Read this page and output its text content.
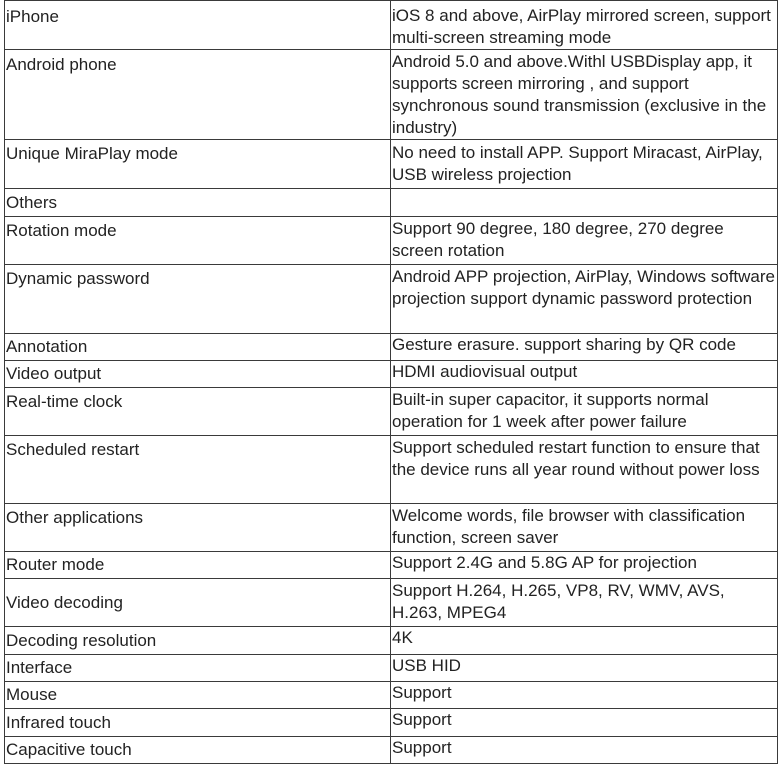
iPhone	iOS 8 and above, AirPlay mirrored screen, support multi-screen streaming mode
Android phone	Android 5.0 and above.Withl USBDisplay app, it supports screen mirroring , and support synchronous sound transmission (exclusive in the industry)
Unique MiraPlay mode	No need to install APP. Support Miracast, AirPlay, USB wireless projection
Others	
Rotation mode	Support 90 degree, 180 degree, 270 degree screen rotation
Dynamic password	Android APP projection, AirPlay, Windows software projection support dynamic password protection
Annotation	Gesture erasure. support sharing by QR code
Video output	HDMI audiovisual output
Real-time clock	Built-in super capacitor, it supports normal operation for 1 week after power failure
Scheduled restart	Support scheduled restart function to ensure that the device runs all year round without power loss
Other applications	Welcome words, file browser with classification function, screen saver
Router mode	Support 2.4G and 5.8G AP for projection
Video decoding	Support H.264, H.265, VP8, RV, WMV, AVS, H.263, MPEG4
Decoding resolution	4K
Interface	USB HID
Mouse	Support
Infrared touch	Support
Capacitive touch	Support
